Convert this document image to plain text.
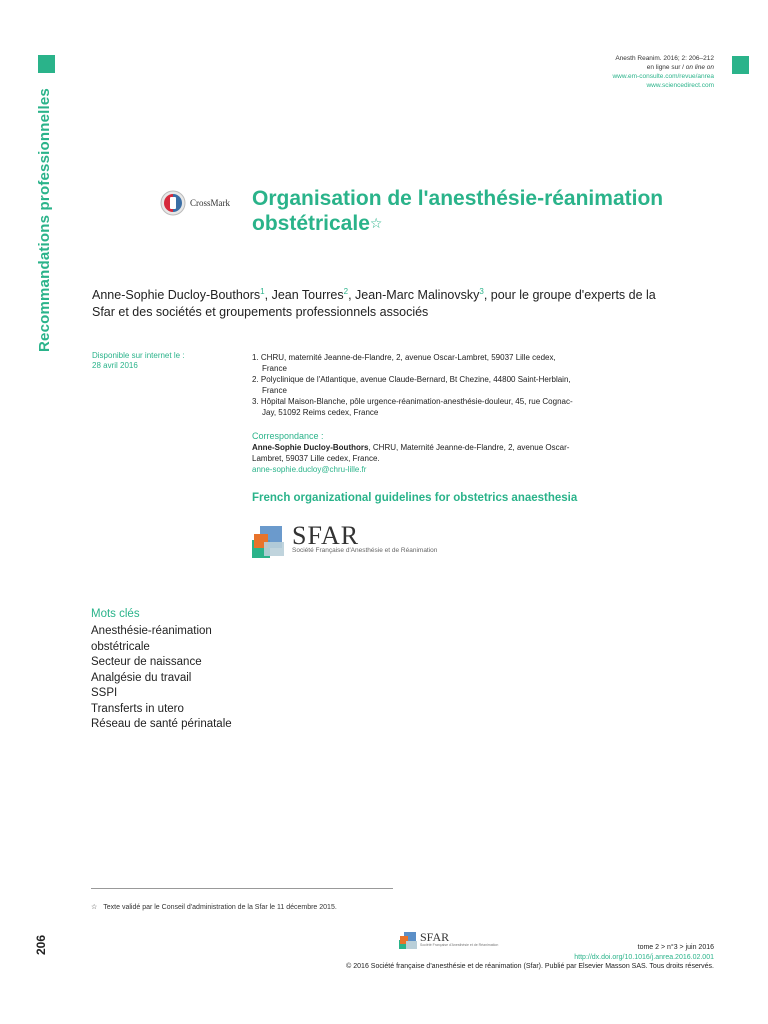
Recommandations professionnelles
206
Anesth Reanim. 2016; 2: 206–212
en ligne sur / on line on
www.em-consulte.com/revue/anrea
www.sciencedirect.com
CrossMark Organisation de l'anesthésie-réanimation obstétricale☆

Anne-Sophie Ducloy-Bouthors$^1$, Jean Tourres$^2$, Jean-Marc Malinovsky$^3$, pour le groupe d'experts de la Sfar et des sociétés et groupements professionnels associés

Disponible sur internet le :
28 avril 2016
1. CHRU, maternité Jeanne-de-Flandre, 2, avenue Oscar-Lambret, 59037 Lille cedex, France
2. Polyclinique de l'Atlantique, avenue Claude-Bernard, Bt Chezine, 44800 Saint-Herblain, France
3. Hôpital Maison-Blanche, pôle urgence-réanimation-anesthésie-douleur, 45, rue Cognac-Jay, 51092 Reims cedex, France
Correspondance :
Anne-Sophie Ducloy-Bouthors, CHRU, Maternité Jeanne-de-Flandre, 2, avenue Oscar-Lambret, 59037 Lille cedex, France.
anne-sophie.ducloy@chru-lille.fr
French organizational guidelines for obstetrics anaesthesia
SFAR
Société Française d'Anesthésie et de Réanimation
Mots clés
Anesthésie-réanimation
obstétricale
Secteur de naissance
Analgésie du travail
SSPI
Transferts in utero
Réseau de santé périnatale
☆ Texte validé par le Conseil d'administration de la Sfar le 11 décembre 2015.
SFAR
Société Française d'Anesthésie et de Réanimation	tome 2 > n°3 > juin 2016
http://dx.doi.org/10.1016/j.anrea.2016.02.001
© 2016 Société française d'anesthésie et de réanimation (Sfar). Publié par Elsevier Masson SAS. Tous droits réservés.
